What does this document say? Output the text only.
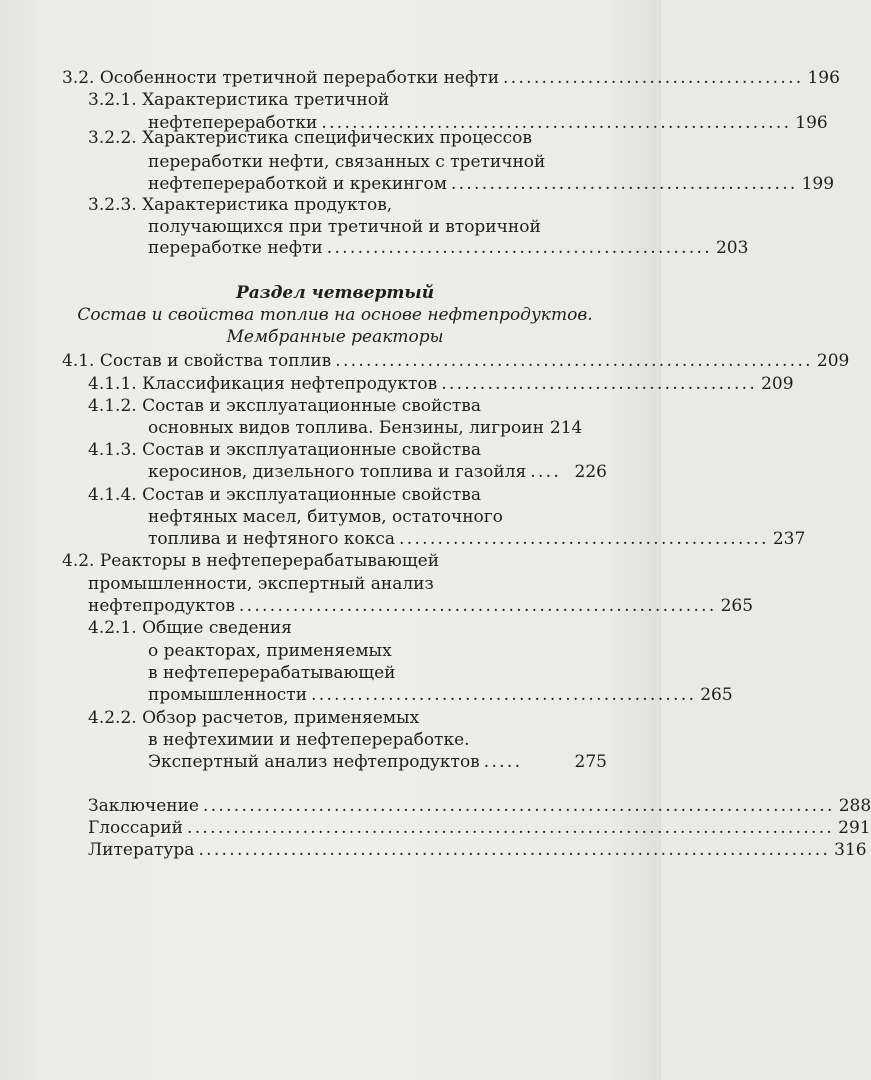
3.2. Особенности третичной переработки нефти ....................................... 196
3.2.1. Характеристика третичной
нефтепереработки ............................................................. 196
3.2.2. Характеристика специфических процессов
переработки нефти, связанных с третичной
нефтепереработкой и крекингом ............................................. 199
3.2.3. Характеристика продуктов,
получающихся при третичной и вторичной
переработке нефти .................................................. 203
Раздел четвертый
Состав и свойства топлив на основе нефтепродуктов.
Мембранные реакторы
4.1. Состав и свойства топлив .............................................................. 209
4.1.1. Классификация нефтепродуктов ......................................... 209
4.1.2. Состав и эксплуатационные свойства
основных видов топлива. Бензины, лигроин 214
4.1.3. Состав и эксплуатационные свойства
керосинов, дизельного топлива и газойля .... 226
4.1.4. Состав и эксплуатационные свойства
нефтяных масел, битумов, остаточного
топлива и нефтяного кокса ................................................ 237
4.2. Реакторы в нефтеперерабатывающей
промышленности, экспертный анализ
нефтепродуктов .............................................................. 265
4.2.1. Общие сведения
о реакторах, применяемых
в нефтеперерабатывающей
промышленности .................................................. 265
4.2.2. Обзор расчетов, применяемых
в нефтехимии и нефтепереработке.
Экспертный анализ нефтепродуктов .....	275
Заключение .................................................................................. 288
Глоссарий .................................................................................... 291
Литература .................................................................................. 316
